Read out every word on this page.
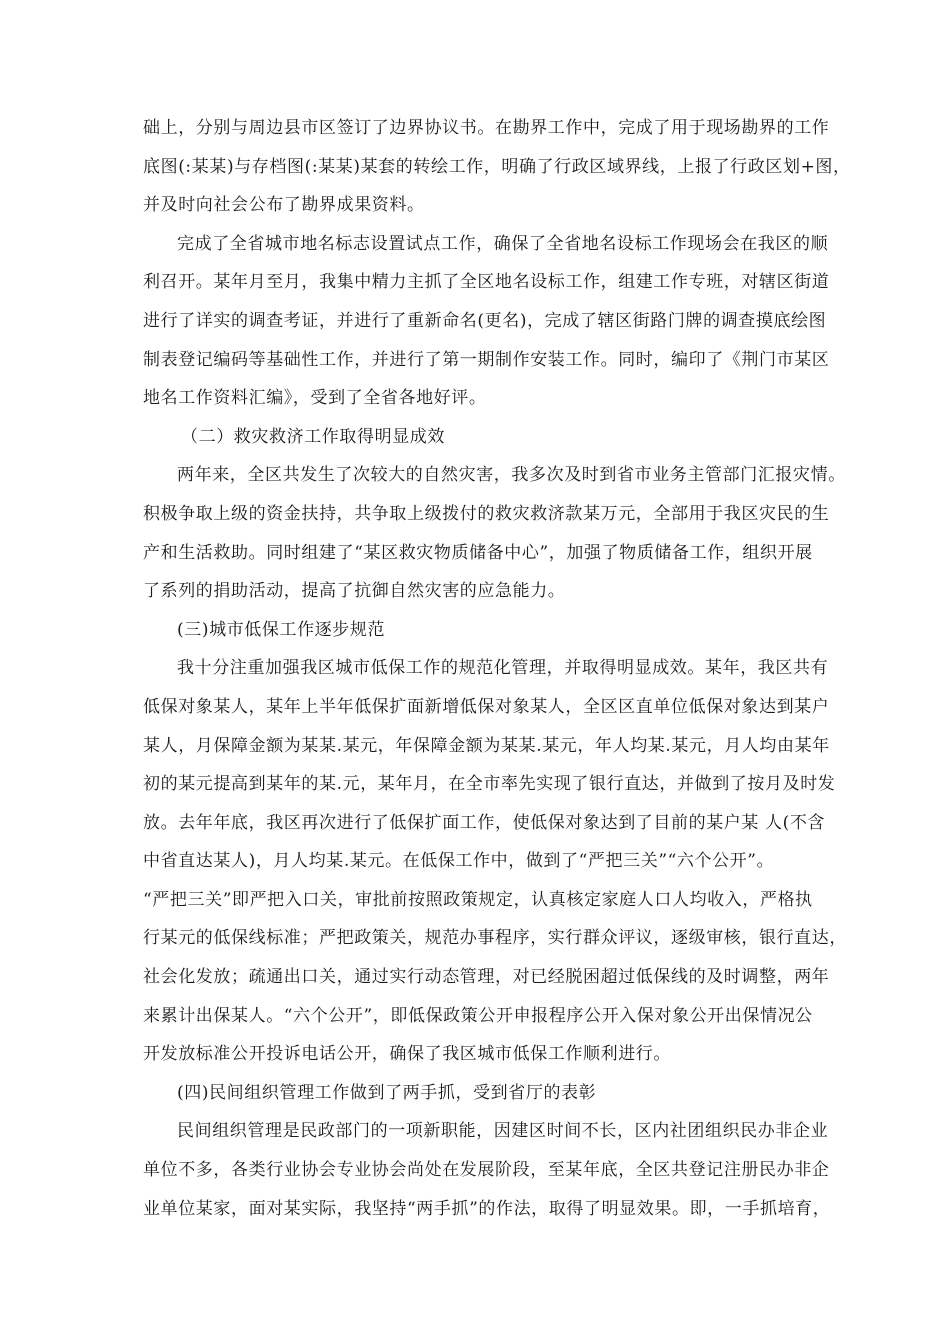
础上，分别与周边县市区签订了边界协议书。在勘界工作中，完成了用于现场勘界的工作
底图(:某某)与存档图(:某某)某套的转绘工作，明确了行政区域界线，上报了行政区划+图，
并及时向社会公布了勘界成果资料。
完成了全省城市地名标志设置试点工作，确保了全省地名设标工作现场会在我区的顺
利召开。某年月至月，我集中精力主抓了全区地名设标工作，组建工作专班，对辖区街道
进行了详实的调查考证，并进行了重新命名(更名)，完成了辖区街路门牌的调查摸底绘图
制表登记编码等基础性工作，并进行了第一期制作安装工作。同时，编印了《荆门市某区
地名工作资料汇编》，受到了全省各地好评。
（二）救灾救济工作取得明显成效
两年来，全区共发生了次较大的自然灾害，我多次及时到省市业务主管部门汇报灾情。
积极争取上级的资金扶持，共争取上级拨付的救灾救济款某万元，全部用于我区灾民的生
产和生活救助。同时组建了“某区救灾物质储备中心”，加强了物质储备工作，组织开展
了系列的捐助活动，提高了抗御自然灾害的应急能力。
(三)城市低保工作逐步规范
我十分注重加强我区城市低保工作的规范化管理，并取得明显成效。某年，我区共有
低保对象某人，某年上半年低保扩面新增低保对象某人，全区区直单位低保对象达到某户
某人，月保障金额为某某.某元，年保障金额为某某.某元，年人均某.某元，月人均由某年
初的某元提高到某年的某.元，某年月，在全市率先实现了银行直达，并做到了按月及时发
放。去年年底，我区再次进行了低保扩面工作，使低保对象达到了目前的某户某 人(不含
中省直达某人)，月人均某.某元。在低保工作中，做到了“严把三关”“六个公开”。
“严把三关”即严把入口关，审批前按照政策规定，认真核定家庭人口人均收入，严格执
行某元的低保线标准；严把政策关，规范办事程序，实行群众评议，逐级审核，银行直达，
社会化发放；疏通出口关，通过实行动态管理，对已经脱困超过低保线的及时调整，两年
来累计出保某人。“六个公开”，即低保政策公开申报程序公开入保对象公开出保情况公
开发放标准公开投诉电话公开，确保了我区城市低保工作顺利进行。
(四)民间组织管理工作做到了两手抓，受到省厅的表彰
民间组织管理是民政部门的一项新职能，因建区时间不长，区内社团组织民办非企业
单位不多，各类行业协会专业协会尚处在发展阶段，至某年底，全区共登记注册民办非企
业单位某家，面对某实际，我坚持“两手抓”的作法，取得了明显效果。即，一手抓培育，
